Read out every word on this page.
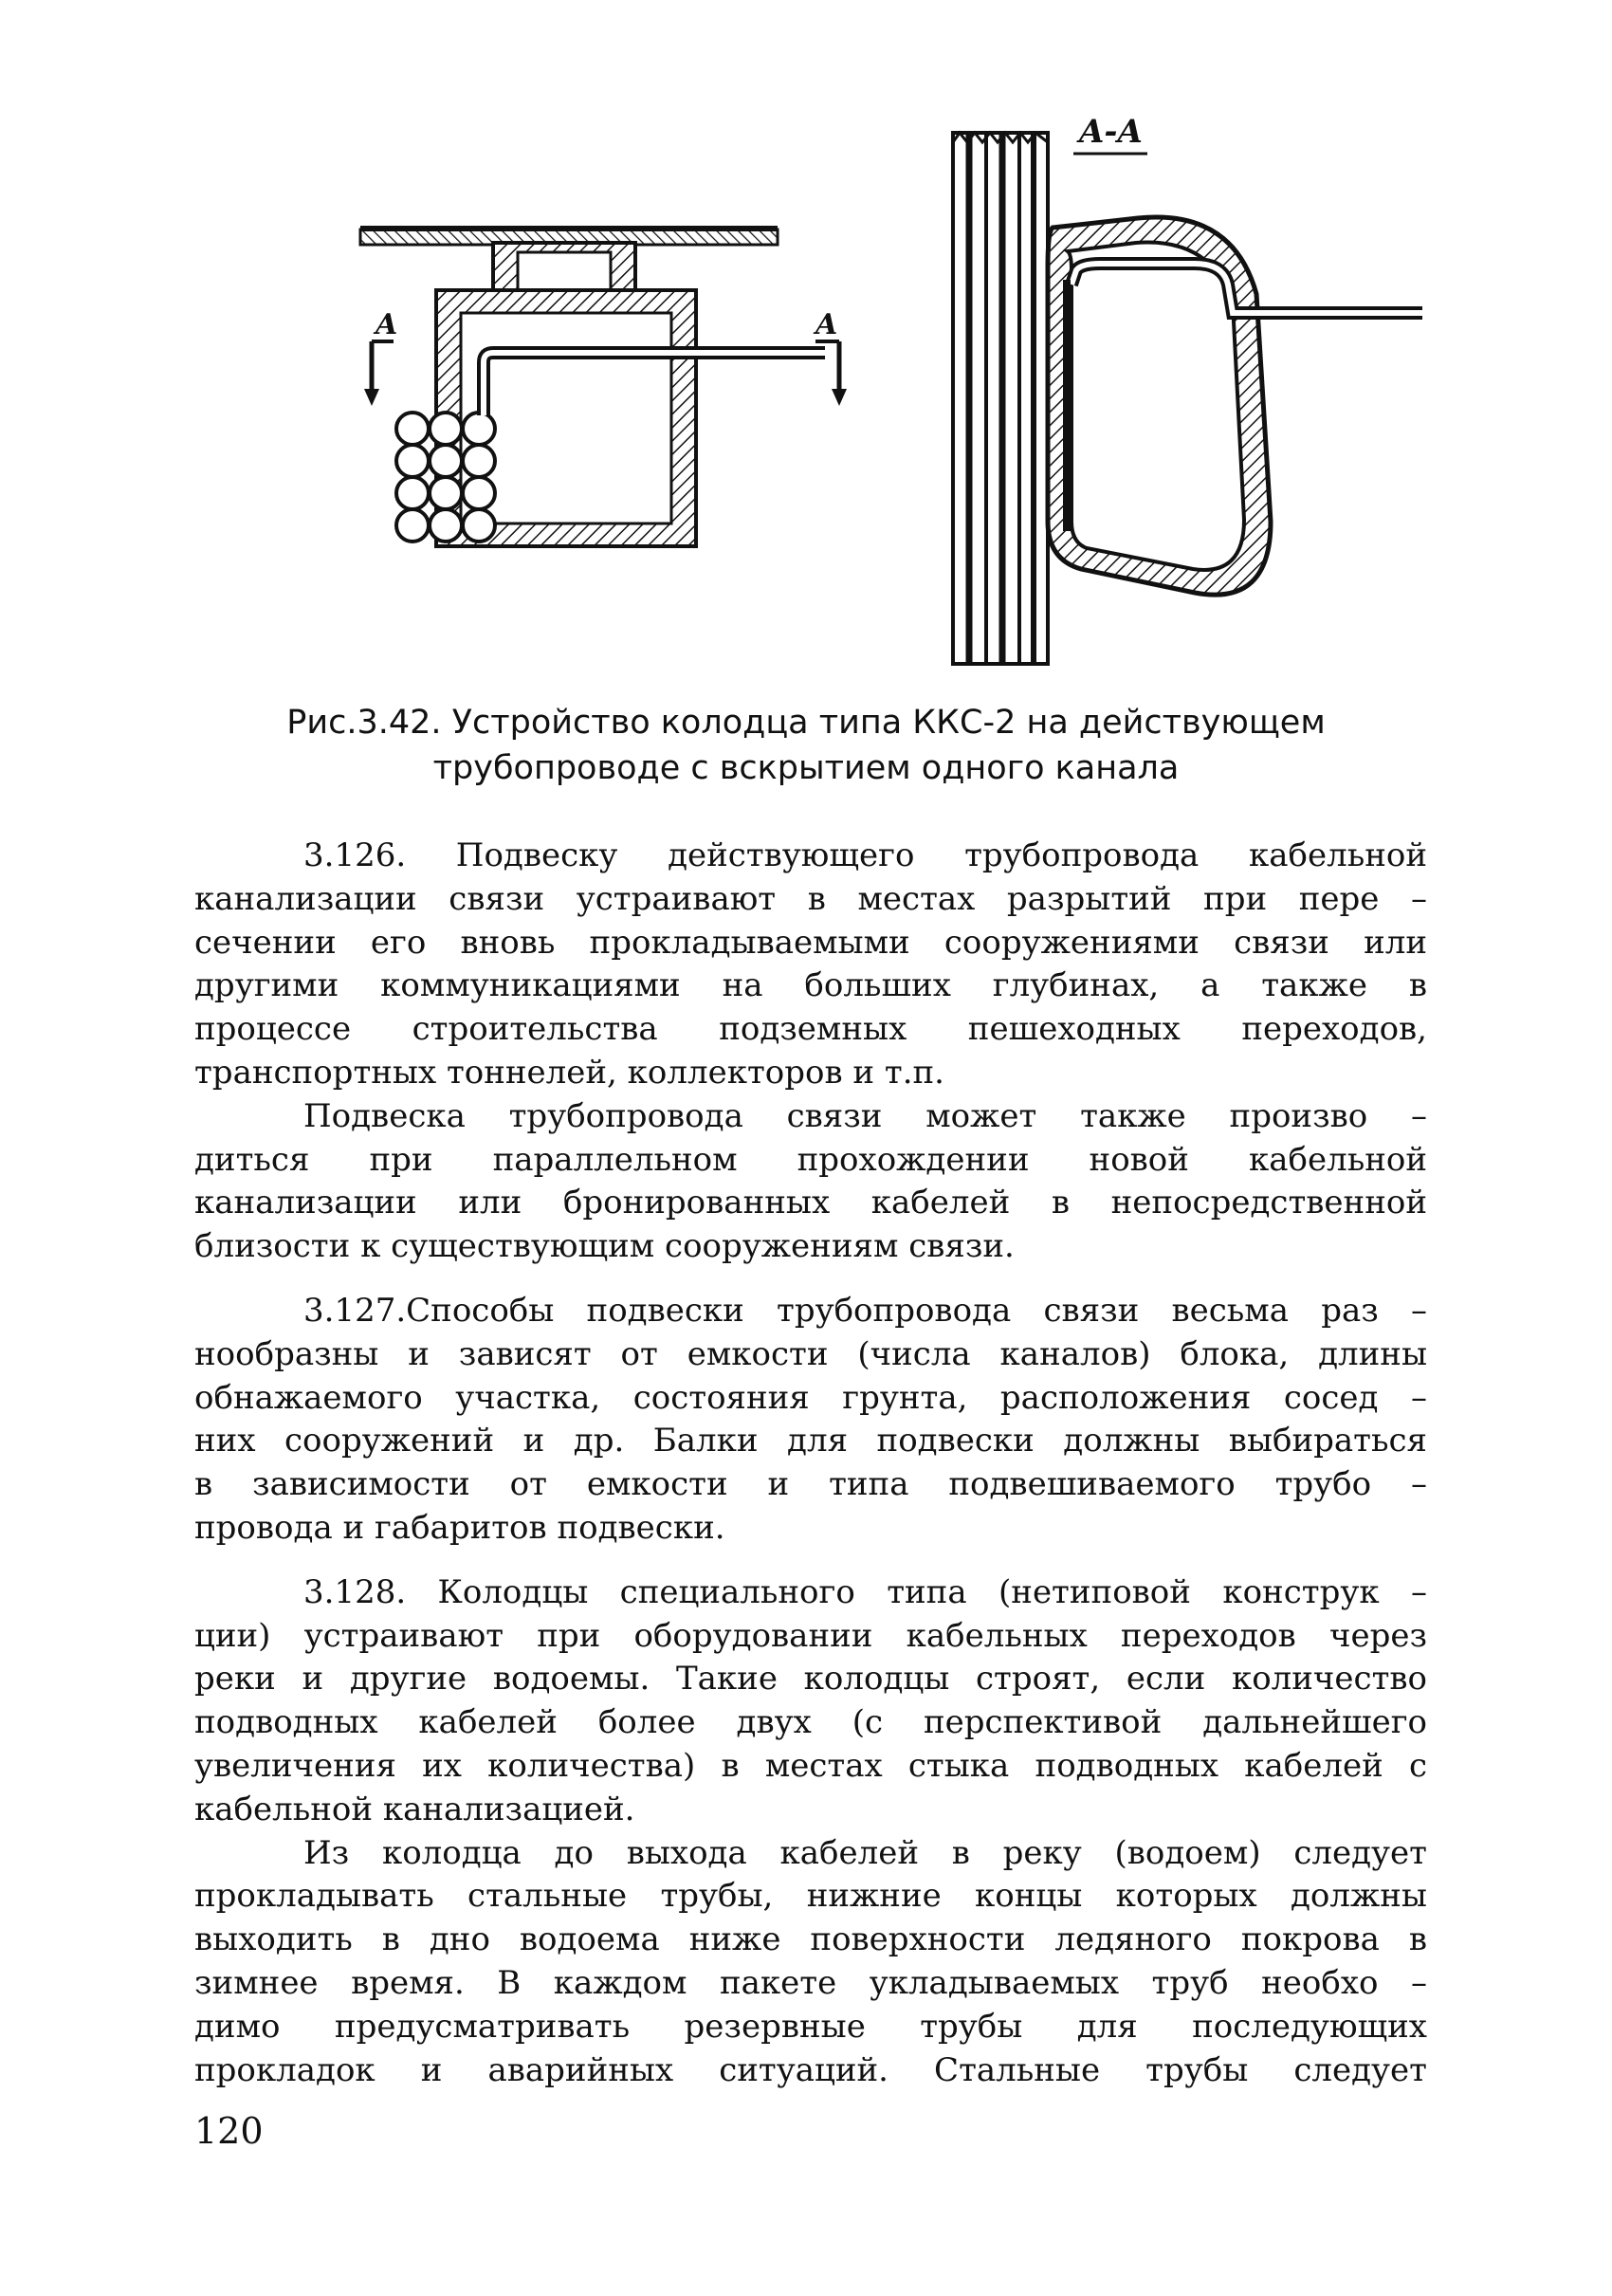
A	A
A-A
Рис.3.42. Устройство колодца типа ККС-2 на действующем
трубопроводе с вскрытием одного канала
3.126. Подвеску действующего трубопровода кабельной
канализации связи устраивают в местах разрытий при пере –
сечении его вновь прокладываемыми сооружениями связи или
другими коммуникациями на больших глубинах, а также в
процессе строительства подземных пешеходных переходов,
транспортных тоннелей, коллекторов и т.п.
Подвеска трубопровода связи может также произво –
диться при параллельном прохождении новой кабельной
канализации или бронированных кабелей в непосредственной
близости к существующим сооружениям связи.
3.127.Способы подвески трубопровода связи весьма раз –
нообразны и зависят от емкости (числа каналов) блока, длины
обнажаемого участка, состояния грунта, расположения сосед –
них сооружений и др. Балки для подвески должны выбираться
в зависимости от емкости и типа подвешиваемого трубо –
провода и габаритов подвески.
3.128. Колодцы специального типа (нетиповой конструк –
ции) устраивают при оборудовании кабельных переходов через
реки и другие водоемы. Такие колодцы строят, если количество
подводных кабелей более двух (с перспективой дальнейшего
увеличения их количества) в местах стыка подводных кабелей с
кабельной канализацией.
Из колодца до выхода кабелей в реку (водоем) следует
прокладывать стальные трубы, нижние концы которых должны
выходить в дно водоема ниже поверхности ледяного покрова в
зимнее время. В каждом пакете укладываемых труб необхо –
димо предусматривать резервные трубы для последующих
прокладок и аварийных ситуаций. Стальные трубы следует
120
